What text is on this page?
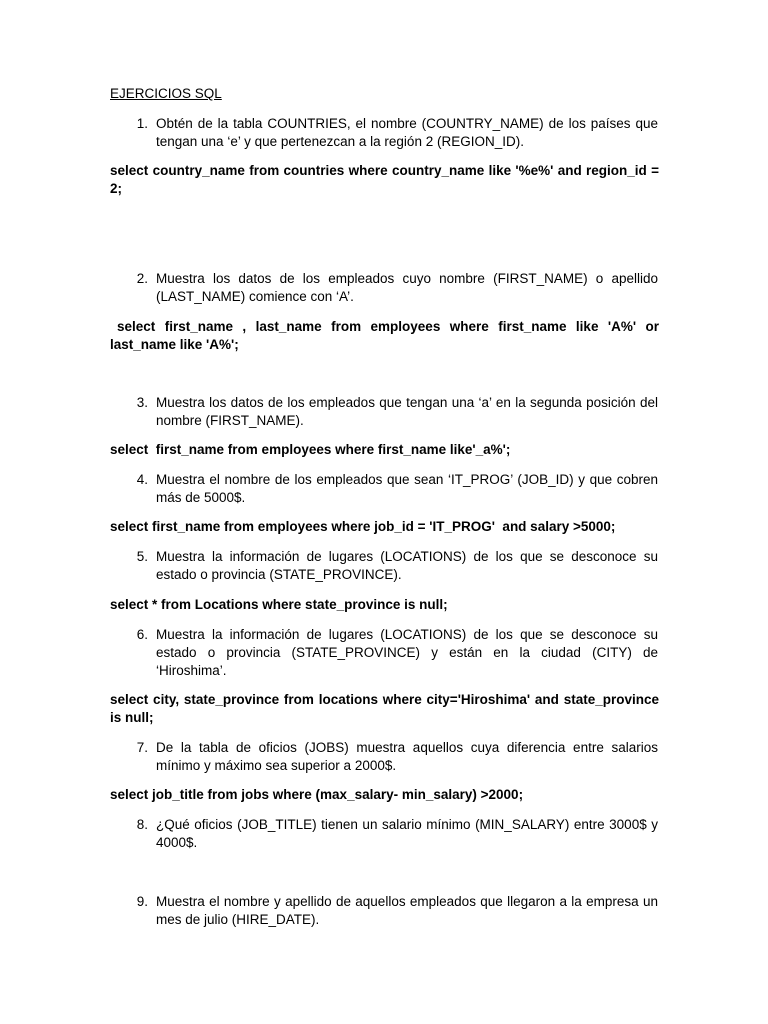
EJERCICIOS SQL
1. Obtén de la tabla COUNTRIES, el nombre (COUNTRY_NAME) de los países que tengan una ‘e’ y que pertenezcan a la región 2 (REGION_ID).
select country_name from countries where country_name like '%e%' and region_id = 2;
2. Muestra los datos de los empleados cuyo nombre (FIRST_NAME) o apellido (LAST_NAME) comience con ‘A’.
select first_name , last_name from employees where first_name like 'A%' or last_name like 'A%';
3. Muestra los datos de los empleados que tengan una ‘a’ en la segunda posición del nombre (FIRST_NAME).
select  first_name from employees where first_name like'_a%';
4. Muestra el nombre de los empleados que sean ‘IT_PROG’ (JOB_ID) y que cobren más de 5000$.
select first_name from employees where job_id = 'IT_PROG'  and salary >5000;
5. Muestra la información de lugares (LOCATIONS) de los que se desconoce su estado o provincia (STATE_PROVINCE).
select * from Locations where state_province is null;
6. Muestra la información de lugares (LOCATIONS) de los que se desconoce su estado o provincia (STATE_PROVINCE) y están en la ciudad (CITY) de ‘Hiroshima’.
select city, state_province from locations where city='Hiroshima' and state_province is null;
7. De la tabla de oficios (JOBS) muestra aquellos cuya diferencia entre salarios mínimo y máximo sea superior a 2000$.
select job_title from jobs where (max_salary- min_salary) >2000;
8. ¿Qué oficios (JOB_TITLE) tienen un salario mínimo (MIN_SALARY) entre 3000$ y 4000$.
9. Muestra el nombre y apellido de aquellos empleados que llegaron a la empresa un mes de julio (HIRE_DATE).
